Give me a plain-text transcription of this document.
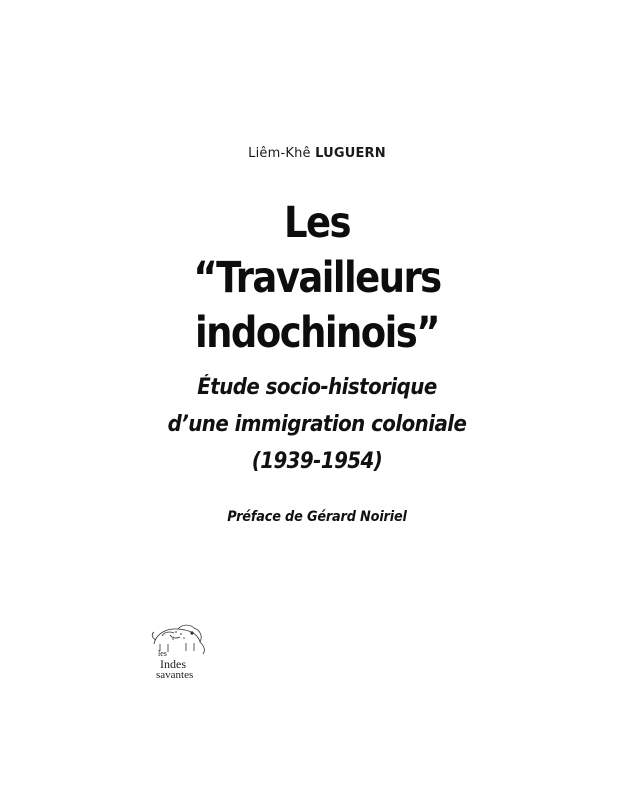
Liêm-Khê LUGUERN
Les
“Travailleurs
indochinois”
Étude socio-historique
d’une immigration coloniale
(1939-1954)
Préface de Gérard Noiriel
les
Indes
savantes
